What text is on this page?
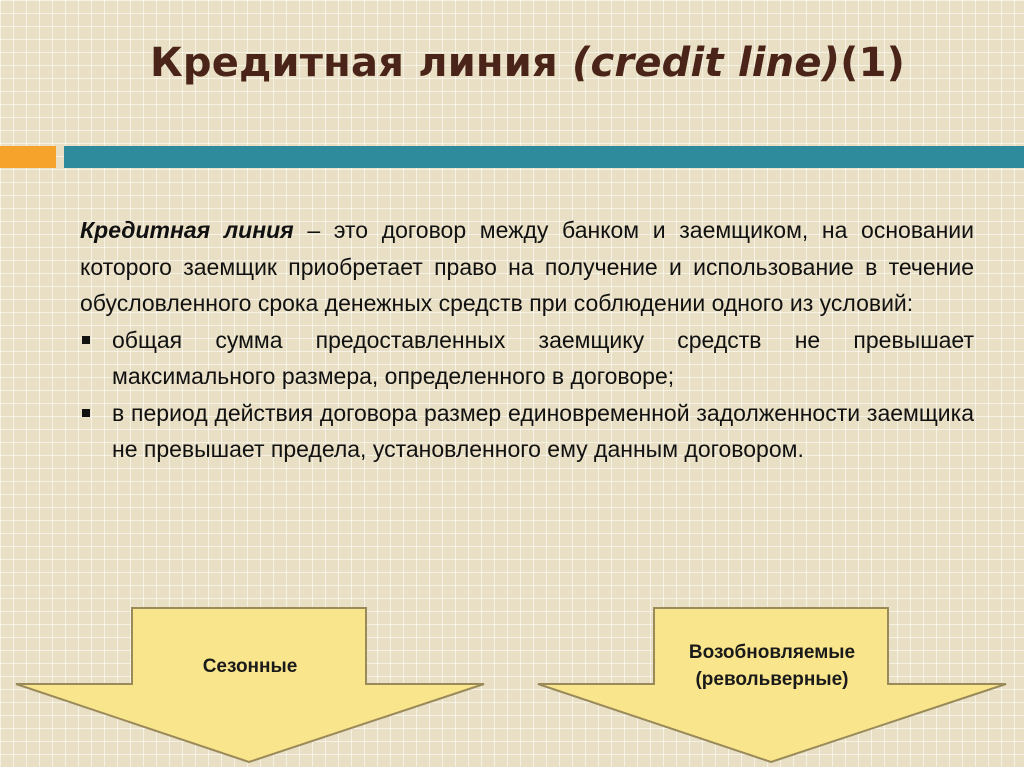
Кредитная линия (credit line)(1)

Кредитная линия – это договор между банком и заемщиком, на основании которого заемщик приобретает право на получение и использование в течение обусловленного срока денежных средств при соблюдении одного из условий:

общая сумма предоставленных заемщику средств не превышает максимального размера, определенного в договоре;
в период действия договора размер единовременной задолженности заемщика не превышает предела, установленного ему данным договором.
Сезонные
Возобновляемые
(револьверные)
